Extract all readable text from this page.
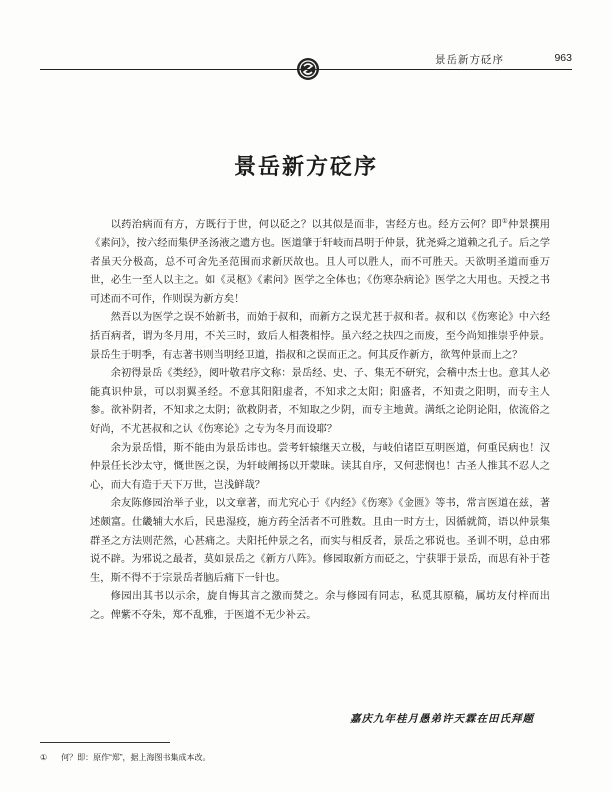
景岳新方砭序	963
景岳新方砭序

以药治病而有方，方既行于世，何以砭之？以其似是而非，害经方也。经方云何？即①仲景撰用《素问》，按六经而集伊圣汤液之遗方也。医道肇于轩岐而昌明于仲景，犹尧舜之道赖之孔子。后之学者虽天分极高，总不可舍先圣范围而求新厌故也。且人可以胜人，而不可胜天。天欲明圣道而垂万世，必生一至人以主之。如《灵枢》《素问》医学之全体也；《伤寒杂病论》医学之大用也。天授之书可述而不可作，作则误为新方矣！

然吾以为医学之误不始新书，而始于叔和，而新方之误尤甚于叔和者。叔和以《伤寒论》中六经括百病者，谓为冬月用，不关三时，致后人相袭相悖。虽六经之扶四之而废，至今尚知推崇乎仲景。景岳生于明季，有志著书则当明经卫道，指叔和之误而正之。何其反作新方，欲驾仲景而上之？

余初得景岳《类经》，阅叶敬君序文称：景岳经、史、子、集无不研究，会稽中杰士也。意其人必能真识仲景，可以羽翼圣经。不意其阳阳虚者，不知求之太阳；阳盛者，不知责之阳明，而专主人参。欲补阴者，不知求之太阴；欲救阴者，不知取之少阴，而专主地黄。满纸之论阴论阳，依流俗之好尚，不尤甚叔和之认《伤寒论》之专为冬月而设耶？

余为景岳惜，斯不能由为景岳讳也。尝考轩辕继天立极，与岐伯诸臣互明医道，何重民病也！汉仲景任长沙太守，慨世医之误，为轩岐阐扬以开蒙昧。读其自序，又何悲悯也！古圣人推其不忍人之心，而大有造于天下万世，岂浅鲜哉？

余友陈修园治举子业，以文章著，而尤究心于《内经》《伤寒》《金匮》等书，常言医道在兹，著述颇富。仕畿辅大水后，民患湿疫，施方药全活者不可胜数。且由一时方士，因循就简，语以仲景集群圣之方法则茫然，心甚痛之。夫阳托仲景之名，而实与相反者，景岳之邪说也。圣训不明，总由邪说不辟。为邪说之最者，莫如景岳之《新方八阵》。修园取新方而砭之，宁获罪于景岳，而思有补于苍生，斯不得不于宗景岳者脑后痛下一针也。

修园出其书以示余，旋自悔其言之激而焚之。余与修园有同志，私觅其原稿，属坊友付梓而出之。俾紫不夺朱，郑不乱雅，于医道不无少补云。

嘉庆九年桂月愚弟许天霖在田氏拜题
① 何？即：原作“郑”，据上海图书集成本改。
